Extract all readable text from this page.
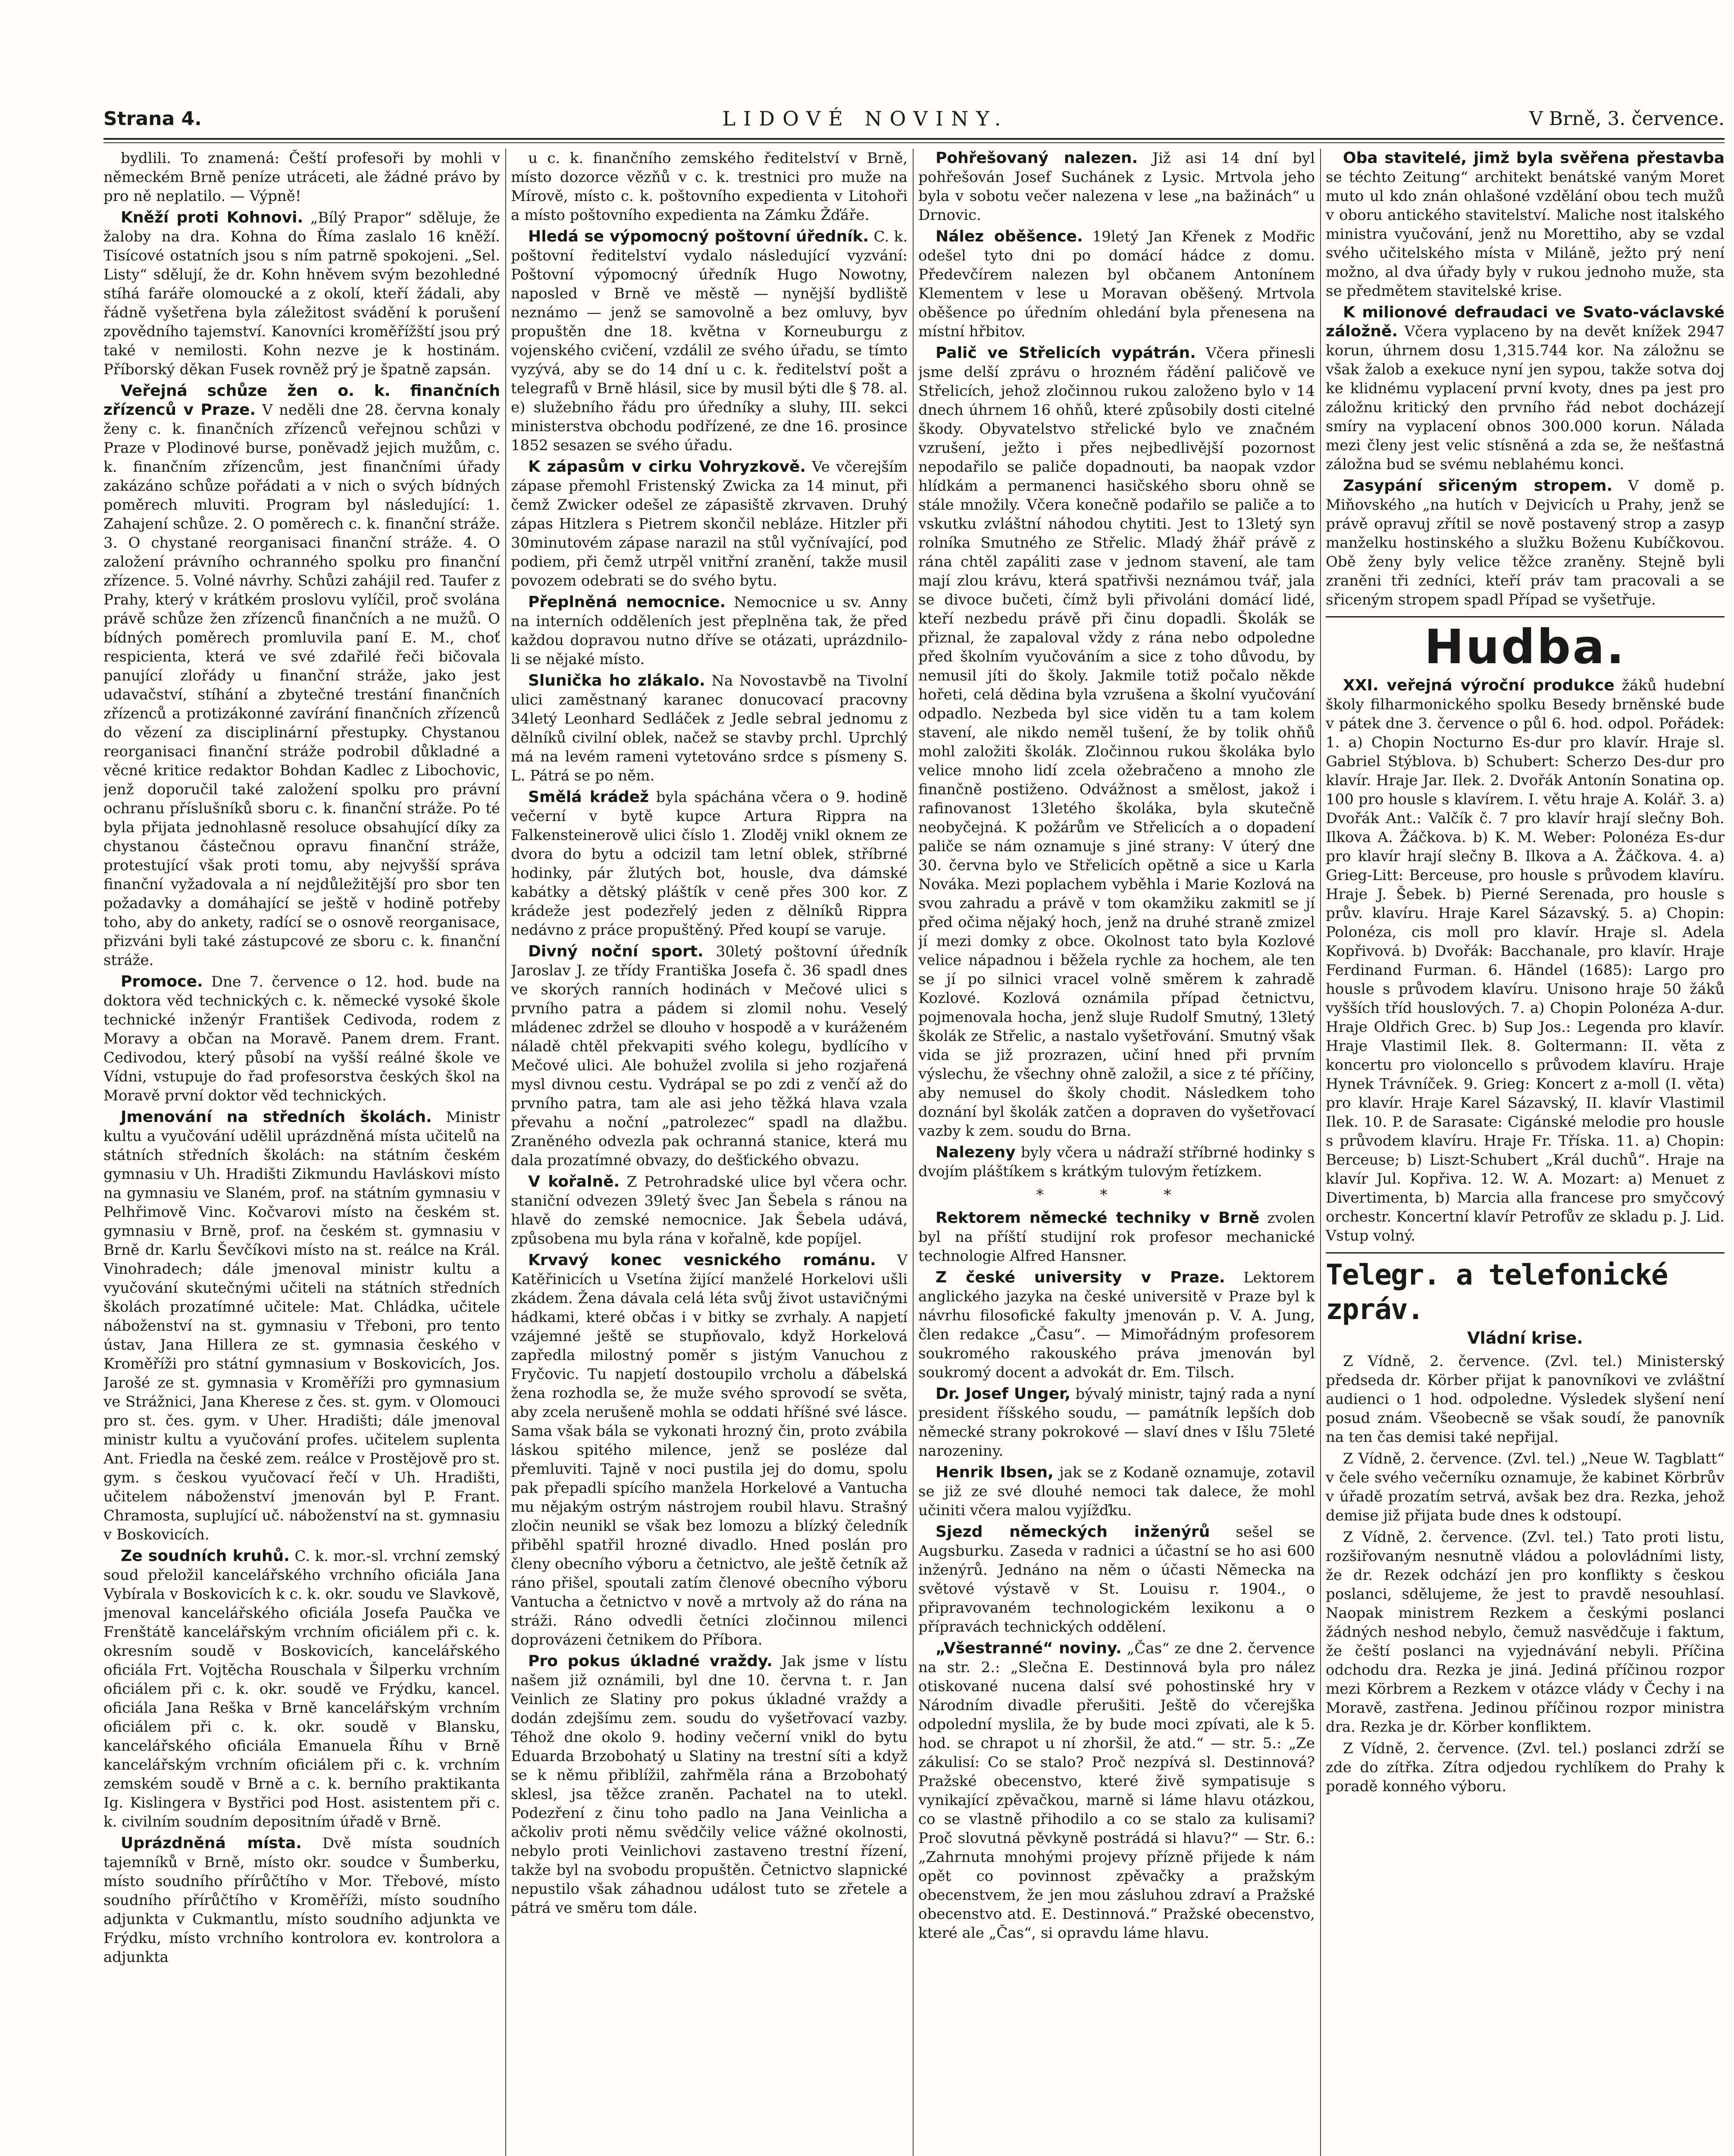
Strana 4.	LIDOVÉ NOVINY.	V Brně, 3. července.

bydlili. To znamená: Čeští profesoři by mohli v německém Brně peníze utráceti, ale žádné právo by pro ně neplatilo. — Výpně!

Kněží proti Kohnovi. „Bílý Prapor“ sděluje, že žaloby na dra. Kohna do Říma zaslalo 16 kněží. Tisícové ostatních jsou s ním patrně spokojeni. „Sel. Listy“ sdělují, že dr. Kohn hněvem svým bezohledné stíhá faráře olomoucké a z okolí, kteří žádali, aby řádně vyšetřena byla záležitost svádění k porušení zpovědního tajemství. Kanovníci kroměřížští jsou prý také v nemilosti. Kohn nezve je k hostinám. Příborský děkan Fusek rovněž prý je špatně zapsán.

Veřejná schůze žen o. k. finančních zřízenců v Praze. V neděli dne 28. června konaly ženy c. k. finančních zřízenců veřejnou schůzi v Praze v Plodinové burse, poněvadž jejich mužům, c. k. finančním zřízencům, jest finančními úřady zakázáno schůze pořádati a v nich o svých bídných poměrech mluviti. Program byl následující: 1. Zahajení schůze. 2. O poměrech c. k. finanční stráže. 3. O chystané reorganisaci finanční stráže. 4. O založení právního ochranného spolku pro finanční zřízence. 5. Volné návrhy. Schůzi zahájil red. Taufer z Prahy, který v krátkém proslovu vylíčil, proč svolána právě schůze žen zřízenců finančních a ne mužů. O bídných poměrech promluvila paní E. M., choť respicienta, která ve své zdařilé řeči bičovala panující zlořády u finanční stráže, jako jest udavačství, stíhání a zbytečné trestání finančních zřízenců a protizákonné zavírání finančních zřízenců do vězení za disciplinární přestupky. Chystanou reorganisaci finanční stráže podrobil důkladné a věcné kritice redaktor Bohdan Kadlec z Libochovic, jenž doporučil také založení spolku pro právní ochranu příslušníků sboru c. k. finanční stráže. Po té byla přijata jednohlasně resoluce obsahující díky za chystanou částečnou opravu finanční stráže, protestující však proti tomu, aby nejvyšší správa finanční vyžadovala a ní nejdůležitější pro sbor ten požadavky a domáhající se ještě v hodině potřeby toho, aby do ankety, radící se o osnově reorganisace, přizváni byli také zástupcové ze sboru c. k. finanční stráže.

Promoce. Dne 7. července o 12. hod. bude na doktora věd technických c. k. německé vysoké škole technické inženýr František Cedivoda, rodem z Moravy a občan na Moravě. Panem drem. Frant. Cedivodou, který působí na vyšší reálné škole ve Vídni, vstupuje do řad profesorstva českých škol na Moravě první doktor věd technických.

Jmenování na středních školách. Ministr kultu a vyučování udělil uprázdněná místa učitelů na státních středních školách: na státním českém gymnasiu v Uh. Hradišti Zikmundu Havláskovi místo na gymnasiu ve Slaném, prof. na státním gymnasiu v Pelhřimově Vinc. Kočvarovi místo na českém st. gymnasiu v Brně, prof. na českém st. gymnasiu v Brně dr. Karlu Ševčíkovi místo na st. reálce na Král. Vinohradech; dále jmenoval ministr kultu a vyučování skutečnými učiteli na státních středních školách prozatímné učitele: Mat. Chládka, učitele náboženství na st. gymnasiu v Třeboni, pro tento ústav, Jana Hillera ze st. gymnasia českého v Kroměříži pro státní gymnasium v Boskovicích, Jos. Jarošé ze st. gymnasia v Kroměříži pro gymnasium ve Strážnici, Jana Kherese z čes. st. gym. v Olomouci pro st. čes. gym. v Uher. Hradišti; dále jmenoval ministr kultu a vyučování profes. učitelem suplenta Ant. Friedla na české zem. reálce v Prostějově pro st. gym. s českou vyučovací řečí v Uh. Hradišti, učitelem náboženství jmenován byl P. Frant. Chramosta, suplující uč. náboženství na st. gymnasiu v Boskovicích.

Ze soudních kruhů. C. k. mor.-sl. vrchní zemský soud přeložil kancelářského vrchního oficiála Jana Vybírala v Boskovicích k c. k. okr. soudu ve Slavkově, jmenoval kancelářského oficiála Josefa Paučka ve Frenštátě kancelářským vrchním oficiálem při c. k. okresním soudě v Boskovicích, kancelářského oficiála Frt. Vojtěcha Rouschala v Šilperku vrchním oficiálem při c. k. okr. soudě ve Frýdku, kancel. oficiála Jana Reška v Brně kancelářským vrchním oficiálem při c. k. okr. soudě v Blansku, kancelářského oficiála Emanuela Říhu v Brně kancelářským vrchním oficiálem při c. k. vrchním zemském soudě v Brně a c. k. berního praktikanta Ig. Kislingera v Bystřici pod Host. asistentem při c. k. civilním soudním depositním úřadě v Brně.

Uprázdněná místa. Dvě místa soudních tajemníků v Brně, místo okr. soudce v Šumberku, místo soudního přírůčtího v Mor. Třebové, místo soudního přírůčtího v Kroměříži, místo soudního adjunkta v Cukmantlu, místo soudního adjunkta ve Frýdku, místo vrchního kontrolora ev. kontrolora a adjunkta

u c. k. finančního zemského ředitelství v Brně, místo dozorce vězňů v c. k. trestnici pro muže na Mírově, místo c. k. poštovního expedienta v Litohoři a místo poštovního expedienta na Zámku Žďáře.

Hledá se výpomocný poštovní úředník. C. k. poštovní ředitelství vydalo následující vyzvání: Poštovní výpomocný úředník Hugo Nowotny, naposled v Brně ve městě — nynější bydliště neznámo — jenž se samovolně a bez omluvy, byv propuštěn dne 18. května v Korneuburgu z vojenského cvičení, vzdálil ze svého úřadu, se tímto vyzývá, aby se do 14 dní u c. k. ředitelství pošt a telegrafů v Brně hlásil, sice by musil býti dle § 78. al. e) služebního řádu pro úředníky a sluhy, III. sekci ministerstva obchodu podřízené, ze dne 16. prosince 1852 sesazen se svého úřadu.

K zápasům v cirku Vohryzkově. Ve včerejším zápase přemohl Fristenský Zwicka za 14 minut, při čemž Zwicker odešel ze zápasiště zkrvaven. Druhý zápas Hitzlera s Pietrem skončil nebláze. Hitzler při 30minutovém zápase narazil na stůl vyčnívající, pod podiem, při čemž utrpěl vnitřní zranění, takže musil povozem odebrati se do svého bytu.

Přeplněná nemocnice. Nemocnice u sv. Anny na interních odděleních jest přeplněna tak, že před každou dopravou nutno dříve se otázati, uprázdnilo-li se nějaké místo.

Slunička ho zlákalo. Na Novostavbě na Tivolní ulici zaměstnaný karanec donucovací pracovny 34letý Leonhard Sedláček z Jedle sebral jednomu z dělníků civilní oblek, načež se stavby prchl. Uprchlý má na levém rameni vytetováno srdce s písmeny S. L. Pátrá se po něm.

Smělá krádež byla spáchána včera o 9. hodině večerní v bytě kupce Artura Rippra na Falkensteinerově ulici číslo 1. Zloděj vnikl oknem ze dvora do bytu a odcizil tam letní oblek, stříbrné hodinky, pár žlutých bot, housle, dva dámské kabátky a dětský pláštík v ceně přes 300 kor. Z krádeže jest podezřelý jeden z dělníků Rippra nedávno z práce propuštěný. Před koupí se varuje.

Divný noční sport. 30letý poštovní úředník Jaroslav J. ze třídy Františka Josefa č. 36 spadl dnes ve skorých ranních hodinách v Mečové ulici s prvního patra a pádem si zlomil nohu. Veselý mládenec zdržel se dlouho v hospodě a v kuráženém náladě chtěl překvapiti svého kolegu, bydlícího v Mečové ulici. Ale bohužel zvolila si jeho rozjařená mysl divnou cestu. Vydrápal se po zdi z venčí až do prvního patra, tam ale asi jeho těžká hlava vzala převahu a noční „patrolezec“ spadl na dlažbu. Zraněného odvezla pak ochranná stanice, která mu dala prozatímné obvazy, do dešťického obvazu.

V kořalně. Z Petrohradské ulice byl včera ochr. staniční odvezen 39letý švec Jan Šebela s ránou na hlavě do zemské nemocnice. Jak Šebela udává, způsobena mu byla rána v kořalně, kde popíjel.

Krvavý konec vesnického románu. V Katěřinicích u Vsetína žijící manželé Horkelovi ušli zkádem. Žena dávala celá léta svůj život ustavičnými hádkami, které občas i v bitky se zvrhaly. A napjetí vzájemné ještě se stupňovalo, když Horkelová zapředla milostný poměr s jistým Vanuchou z Fryčovic. Tu napjetí dostoupilo vrcholu a ďábelská žena rozhodla se, že muže svého sprovodí se světa, aby zcela nerušeně mohla se oddati hříšné své lásce. Sama však bála se vykonati hrozný čin, proto zvábila láskou spitého milence, jenž se posléze dal přemluviti. Tajně v noci pustila jej do domu, spolu pak přepadli spícího manžela Horkelové a Vantucha mu nějakým ostrým nástrojem roubil hlavu. Strašný zločin neunikl se však bez lomozu a blízký čeledník přiběhl spatřil hrozné divadlo. Hned poslán pro členy obecního výboru a četnictvo, ale ještě četník až ráno přišel, spoutali zatím členové obecního výboru Vantucha a četnictvo v nově a mrtvoly až do rána na stráži. Ráno odvedli četníci zločinnou milenci doprovázeni četnikem do Příbora.

Pro pokus úkladné vraždy. Jak jsme v lístu našem již oznámili, byl dne 10. června t. r. Jan Veinlich ze Slatiny pro pokus úkladné vraždy a dodán zdejšímu zem. soudu do vyšetřovací vazby. Téhož dne okolo 9. hodiny večerní vnikl do bytu Eduarda Brzobohatý u Slatiny na trestní síti a když se k němu přiblížil, zahřměla rána a Brzobohatý sklesl, jsa těžce zraněn. Pachatel na to utekl. Podezření z činu toho padlo na Jana Veinlicha a ačkoliv proti němu svědčily velice vážné okolnosti, nebylo proti Veinlichovi zastaveno trestní řízení, takže byl na svobodu propuštěn. Četnictvo slapnické nepustilo však záhadnou událost tuto se zřetele a pátrá ve směru tom dále.

Pohřešovaný nalezen. Již asi 14 dní byl pohřešován Josef Suchánek z Lysic. Mrtvola jeho byla v sobotu večer nalezena v lese „na bažinách“ u Drnovic.

Nález oběšence. 19letý Jan Křenek z Modřic odešel tyto dni po domácí hádce z domu. Předevčírem nalezen byl občanem Antonínem Klementem v lese u Moravan oběšený. Mrtvola oběšence po úředním ohledání byla přenesena na místní hřbitov.

Palič ve Střelicích vypátrán. Včera přinesli jsme delší zprávu o hrozném řádění paličově ve Střelicích, jehož zločinnou rukou založeno bylo v 14 dnech úhrnem 16 ohňů, které způsobily dosti citelné škody. Obyvatelstvo střelické bylo ve značném vzrušení, ježto i přes nejbedlivější pozornost nepodařilo se paliče dopadnouti, ba naopak vzdor hlídkám a permanenci hasičského sboru ohně se stále množily. Včera konečně podařilo se paliče a to vskutku zvláštní náhodou chytiti. Jest to 13letý syn rolníka Smutného ze Střelic. Mladý žhář právě z rána chtěl zapáliti zase v jednom stavení, ale tam mají zlou krávu, která spatřivši neznámou tvář, jala se divoce bučeti, čímž byli přivoláni domácí lidé, kteří nezbedu právě při činu dopadli. Školák se přiznal, že zapaloval vždy z rána nebo odpoledne před školním vyučováním a sice z toho důvodu, by nemusil jíti do školy. Jakmile totiž počalo někde hořeti, celá dědina byla vzrušena a školní vyučování odpadlo. Nezbeda byl sice viděn tu a tam kolem stavení, ale nikdo neměl tušení, že by tolik ohňů mohl založiti školák. Zločinnou rukou školáka bylo velice mnoho lidí zcela ožebračeno a mnoho zle finančně postiženo. Odvážnost a smělost, jakož i rafinovanost 13letého školáka, byla skutečně neobyčejná. K požárům ve Střelicích a o dopadení paliče se nám oznamuje s jiné strany: V úterý dne 30. června bylo ve Střelicích opětně a sice u Karla Nováka. Mezi poplachem vyběhla i Marie Kozlová na svou zahradu a právě v tom okamžiku zakmitl se jí před očima nějaký hoch, jenž na druhé straně zmizel jí mezi domky z obce. Okolnost tato byla Kozlové velice nápadnou i běžela rychle za hochem, ale ten se jí po silnici vracel volně směrem k zahradě Kozlové. Kozlová oznámila případ četnictvu, pojmenovala hocha, jenž sluje Rudolf Smutný, 13letý školák ze Střelic, a nastalo vyšetřování. Smutný však vida se již prozrazen, učiní hned při prvním výslechu, že všechny ohně založil, a sice z té příčiny, aby nemusel do školy chodit. Následkem toho doznání byl školák zatčen a dopraven do vyšetřovací vazby k zem. soudu do Brna.

Nalezeny byly včera u nádraží stříbrné hodinky s dvojím pláštíkem s krátkým tulovým řetízkem.

* * *

Rektorem německé techniky v Brně zvolen byl na příští studijní rok profesor mechanické technologie Alfred Hansner.

Z české university v Praze. Lektorem anglického jazyka na české universitě v Praze byl k návrhu filosofické fakulty jmenován p. V. A. Jung, člen redakce „Času“. — Mimořádným profesorem soukromého rakouského práva jmenován byl soukromý docent a advokát dr. Em. Tilsch.

Dr. Josef Unger, bývalý ministr, tajný rada a nyní president říšského soudu, — památník lepších dob německé strany pokrokové — slaví dnes v Išlu 75leté narozeniny.

Henrik Ibsen, jak se z Kodaně oznamuje, zotavil se již ze své dlouhé nemoci tak dalece, že mohl učiniti včera malou vyjížďku.

Sjezd německých inženýrů sešel se Augsburku. Zaseda v radnici a účastní se ho asi 600 inženýrů. Jednáno na něm o účasti Německa na světové výstavě v St. Louisu r. 1904., o připravovaném technologickém lexikonu a o přípravách technických oddělení.

„Všestranné“ noviny. „Čas“ ze dne 2. července na str. 2.: „Slečna E. Destinnová byla pro nález otiskované nucena dalsí své pohostinské hry v Národním divadle přerušiti. Ještě do včerejška odpolední myslila, že by bude moci zpívati, ale k 5. hod. se chrapot u ní zhoršil, že atd.“ — str. 5.: „Ze zákulisí: Co se stalo? Proč nezpívá sl. Destinnová? Pražské obecenstvo, které živě sympatisuje s vynikající zpěvačkou, marně si láme hlavu otázkou, co se vlastně přihodilo a co se stalo za kulisami? Proč slovutná pěvkyně postrádá si hlavu?“ — Str. 6.: „Zahrnuta mnohými projevy přízně přijede k nám opět co povinnost zpěvačky a pražským obecenstvem, že jen mou zásluhou zdraví a Pražské obecenstvo atd. E. Destinnová.“ Pražské obecenstvo, které ale „Čas“, si opravdu láme hlavu.

Oba stavitelé, jimž byla svěřena přestavba se téchto Zeitung“ architekt benátské vaným Moret muto ul kdo znán ohlašoné vzdělání obou tech mužů v oboru antického stavitelství. Maliche nost italského ministra vyučování, jenž nu Morettiho, aby se vzdal svého učitelského místa v Miláně, ježto prý není možno, al dva úřady byly v rukou jednoho muže, sta se předmětem stavitelské krise.

K milionové defraudaci ve Svato-václavské záložně. Včera vyplaceno by na devět knížek 2947 korun, úhrnem dosu 1,315.744 kor. Na záložnu se však žalob a exekuce nyní jen sypou, takže sotva doj ke klidnému vyplacení první kvoty, dnes pa jest pro záložnu kritický den prvního řád nebot docházejí smíry na vyplacení obnos 300.000 korun. Nálada mezi členy jest velic stísněná a zda se, že nešťastná záložna bud se svému neblahému konci.

Zasypání sřiceným stropem. V domě p. Miňovského „na hutích v Dejvicích u Prahy, jenž se právě opravuj zřítil se nově postavený strop a zasyp manželku hostinského a služku Boženu Kubíčkovou. Obě ženy byly velice těžce zraněny. Stejně byli zraněni tři zedníci, kteří práv tam pracovali a se sřiceným stropem spadl Případ se vyšetřuje.

Hudba.

XXI. veřejná výroční produkce žáků hudební školy filharmonického spolku Besedy brněnské bude v pátek dne 3. července o půl 6. hod. odpol. Pořádek: 1. a) Chopin Nocturno Es-dur pro klavír. Hraje sl. Gabriel Stýblova. b) Schubert: Scherzo Des-dur pro klavír. Hraje Jar. Ilek. 2. Dvořák Antonín Sonatina op. 100 pro housle s klavírem. I. větu hraje A. Kolář. 3. a) Dvořák Ant.: Valčík č. 7 pro klavír hrají slečny Boh. Ilkova A. Žáčkova. b) K. M. Weber: Polonéza Es-dur pro klavír hrají slečny B. Ilkova a A. Žáčkova. 4. a) Grieg-Litt: Berceuse, pro housle s průvodem klavíru. Hraje J. Šebek. b) Pierné Serenada, pro housle s prův. klavíru. Hraje Karel Sázavský. 5. a) Chopin: Polonéza, cis moll pro klavír. Hraje sl. Adela Kopřivová. b) Dvořák: Bacchanale, pro klavír. Hraje Ferdinand Furman. 6. Händel (1685): Largo pro housle s průvodem klavíru. Unisono hraje 50 žáků vyšších tříd houslových. 7. a) Chopin Polonéza A-dur. Hraje Oldřich Grec. b) Sup Jos.: Legenda pro klavír. Hraje Vlastimil Ilek. 8. Goltermann: II. věta z koncertu pro violoncello s průvodem klavíru. Hraje Hynek Trávníček. 9. Grieg: Koncert z a-moll (I. věta) pro klavír. Hraje Karel Sázavský, II. klavír Vlastimil Ilek. 10. P. de Sarasate: Cigánské melodie pro housle s průvodem klavíru. Hraje Fr. Tříska. 11. a) Chopin: Berceuse; b) Liszt-Schubert „Král duchů“. Hraje na klavír Jul. Kopřiva. 12. W. A. Mozart: a) Menuet z Divertimenta, b) Marcia alla francese pro smyčcový orchestr. Koncertní klavír Petrofův ze skladu p. J. Lid. Vstup volný.

Telegr. a telefonické zpráv.
Vládní krise.

Z Vídně, 2. července. (Zvl. tel.) Ministerský předseda dr. Körber přijat k panovníkovi ve zvláštní audienci o 1 hod. odpoledne. Výsledek slyšení není posud znám. Všeobecně se však soudí, že panovník na ten čas demisi také nepřijal.

Z Vídně, 2. července. (Zvl. tel.) „Neue W. Tagblatt“ v čele svého večerníku oznamuje, že kabinet Körbrův v úřadě prozatím setrvá, avšak bez dra. Rezka, jehož demise již přijata bude dnes k odstoupí.

Z Vídně, 2. července. (Zvl. tel.) Tato proti listu, rozšiřovaným nesnutně vládou a polovládními listy, že dr. Rezek odchází jen pro konflikty s českou poslanci, sdělujeme, že jest to pravdě nesouhlasí. Naopak ministrem Rezkem a českými poslanci žádných neshod nebylo, čemuž nasvědčuje i faktum, že čeští poslanci na vyjednávání nebyli. Příčina odchodu dra. Rezka je jiná. Jediná příčinou rozpor mezi Körbrem a Rezkem v otázce vlády v Čechy i na Moravě, zastřena. Jedinou příčinou rozpor ministra dra. Rezka je dr. Körber konfliktem.

Z Vídně, 2. července. (Zvl. tel.) poslanci zdrží se zde do zítřka. Zítra odjedou rychlíkem do Prahy k poradě konného výboru.
